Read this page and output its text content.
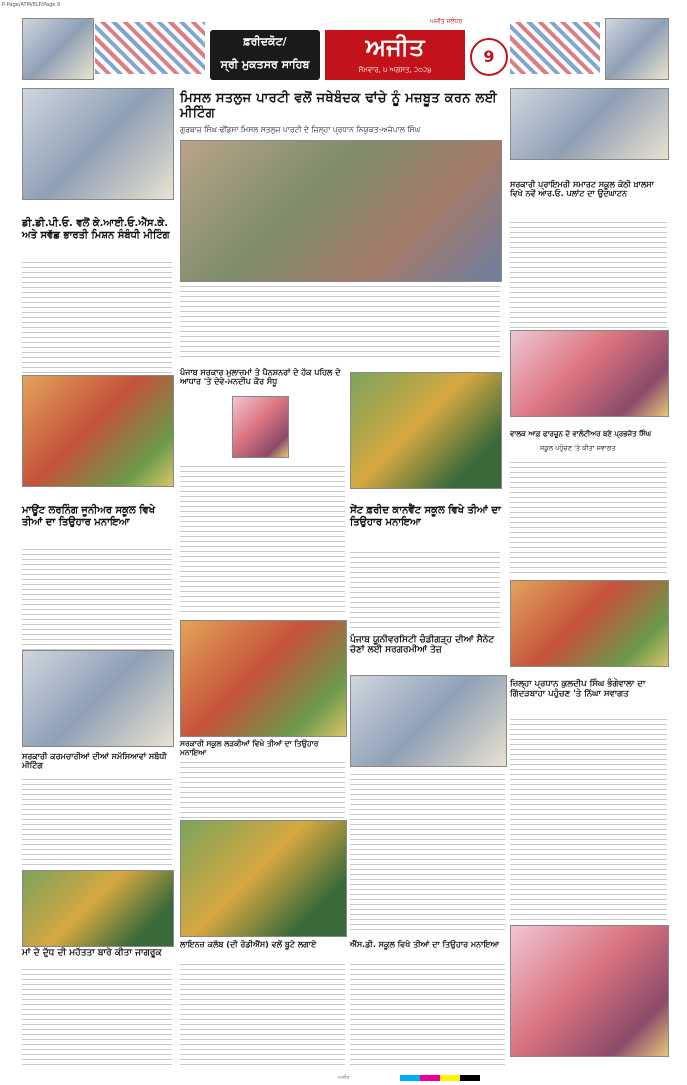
P-Page/ATM/ELP/Page 9
ਅਜੀਤ ਜਲੰਧਰ
ਫ਼ਰੀਦਕੋਟ/
ਸ੍ਰੀ ਮੁਕਤਸਰ ਸਾਹਿਬ
ਅਜੀਤ
ਸੋਮਵਾਰ, ੫ ਅਗਸਤ, ੨੦੨੪
9
ਡੀ.ਡੀ.ਪੀ.ਓ. ਵਲੋਂ ਕੇ.ਆਈ.ਓ.ਐੱਸ.ਕੇ. ਅਤੇ ਸਵੱਛ ਭਾਰਤੀ ਮਿਸ਼ਨ ਸੰਬੰਧੀ ਮੀਟਿੰਗ
ਮਾਊਂਟ ਲਰਨਿੰਗ ਜੂਨੀਅਰ ਸਕੂਲ ਵਿਖੇ ਤੀਆਂ ਦਾ ਤਿਉਹਾਰ ਮਨਾਇਆ
ਸਰਕਾਰੀ ਕਰਮਚਾਰੀਆਂ ਦੀਆਂ ਸਮੱਸਿਆਵਾਂ ਸਬੰਧੀ ਮੀਟਿੰਗ
ਮਾਂ ਦੇ ਦੁੱਧ ਦੀ ਮਹੱਤਤਾ ਬਾਰੇ ਕੀਤਾ ਜਾਗਰੂਕ
ਮਿਸਲ ਸਤਲੁਜ ਪਾਰਟੀ ਵਲੋਂ ਜਥੇਬੰਦਕ ਢਾਂਚੇ ਨੂੰ ਮਜ਼ਬੂਤ ਕਰਨ ਲਈ ਮੀਟਿੰਗ
ਗੁਰਬਾਜ਼ ਸਿੰਘ ਢੀਂਡਸਾ ਮਿਸਲ ਸਤਲੁਜ ਪਾਰਟੀ ਦੇ ਜ਼ਿਲ੍ਹਾ ਪ੍ਰਧਾਨ ਨਿਯੁਕਤ-ਅਜੇਪਾਲ ਸਿੰਘ
ਪੰਜਾਬ ਸਰਕਾਰ ਮੁਲਾਜ਼ਮਾਂ ਤੇ ਪੈਨਸ਼ਨਰਾਂ ਦੇ ਹੱਕ ਪਹਿਲ ਦੇ ਆਧਾਰ 'ਤੇ ਦੇਵੇ-ਮਨਦੀਪ ਕੌਰ ਸੰਧੂ
ਸੇਂਟ ਫ਼ਰੀਦ ਕਾਨਵੈਂਟ ਸਕੂਲ ਵਿਖੇ ਤੀਆਂ ਦਾ ਤਿਉਹਾਰ ਮਨਾਇਆ
ਸਰਕਾਰੀ ਸਕੂਲ ਲੜਕੀਆਂ ਵਿਖੇ ਤੀਆਂ ਦਾ ਤਿਉਹਾਰ ਮਨਾਇਆ
ਲਾਇਨਜ਼ ਕਲੱਬ (ਦੀ ਰੋਡੀਐਂਸ) ਵਲੋਂ ਬੂਟੇ ਲਗਾਏ
ਪੰਜਾਬ ਯੂਨੀਵਰਸਿਟੀ ਚੰਡੀਗੜ੍ਹ ਦੀਆਂ ਸੈਨੇਟ ਚੋਣਾਂ ਲਈ ਸਰਗਰਮੀਆਂ ਤੇਜ਼
ਐੱਸ.ਡੀ. ਸਕੂਲ ਵਿਖੇ ਤੀਆਂ ਦਾ ਤਿਉਹਾਰ ਮਨਾਇਆ
ਸਰਕਾਰੀ ਪ੍ਰਾਇਮਰੀ ਸਮਾਰਟ ਸਕੂਲ ਕੋਠੀ ਖ਼ਾਲਸਾ ਵਿਖੇ ਨਵੇਂ ਆਰ.ਓ. ਪਲਾਂਟ ਦਾ ਉਦਘਾਟਨ
ਵਾਲਕ ਆਫ਼ ਫਾਰਚੂਨ ਦੇ ਵਾਲੰਟੀਅਰ ਬਣੇ ਪ੍ਰਭਜੋਤ ਸਿੰਘ
ਸਕੂਲ ਪਹੁੰਚਣ 'ਤੇ ਕੀਤਾ ਸਵਾਗਤ
ਜ਼ਿਲ੍ਹਾ ਪ੍ਰਧਾਨ ਕੁਲਦੀਪ ਸਿੰਘ ਭੰਗੇਵਾਲਾ ਦਾ ਗਿੱਦੜਬਾਹਾ ਪਹੁੰਚਣ 'ਤੇ ਨਿੱਘਾ ਸਵਾਗਤ
ਅਜੀਤ
